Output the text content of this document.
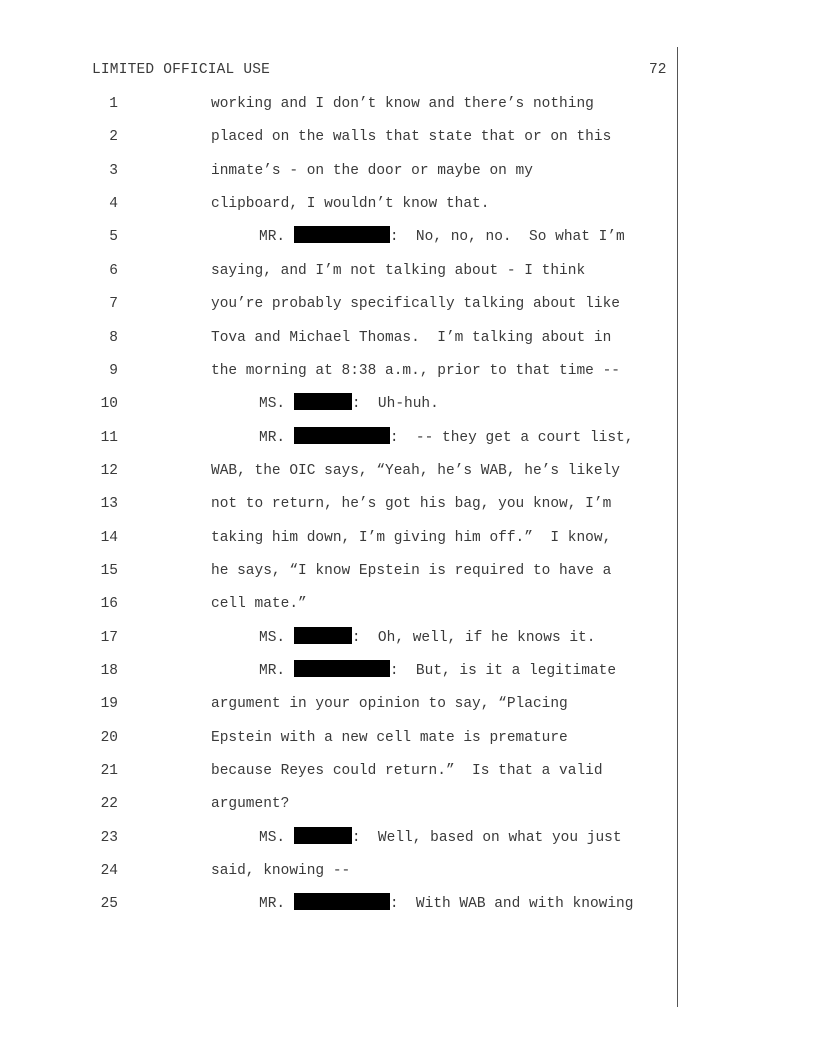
LIMITED OFFICIAL USE	72
1	working and I don’t know and there’s nothing
2	placed on the walls that state that or on this
3	inmate’s - on the door or maybe on my
4	clipboard, I wouldn’t know that.
5	MR.	:  No, no, no.  So what I’m
6	saying, and I’m not talking about - I think
7	you’re probably specifically talking about like
8	Tova and Michael Thomas.  I’m talking about in
9	the morning at 8:38 a.m., prior to that time --
10	MS.	:  Uh-huh.
11	MR.	:  -- they get a court list,
12	WAB, the OIC says, “Yeah, he’s WAB, he’s likely
13	not to return, he’s got his bag, you know, I’m
14	taking him down, I’m giving him off.”  I know,
15	he says, “I know Epstein is required to have a
16	cell mate.”
17	MS.	:  Oh, well, if he knows it.
18	MR.	:  But, is it a legitimate
19	argument in your opinion to say, “Placing
20	Epstein with a new cell mate is premature
21	because Reyes could return.”  Is that a valid
22	argument?
23	MS.	:  Well, based on what you just
24	said, knowing --
25	MR.	:  With WAB and with knowing
